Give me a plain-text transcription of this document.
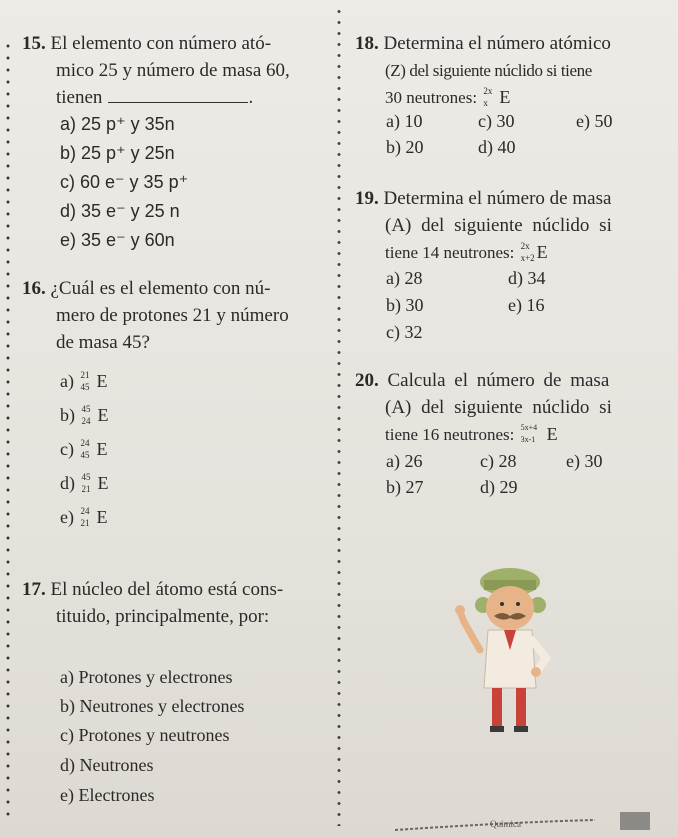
15. El elemento con número ató-
mico 25 y número de masa 60,
tienen	.
a) 25 p⁺ y 35n
b) 25 p⁺ y 25n
c) 60 e⁻ y 35 p⁺
d) 35 e⁻ y 25 n
e) 35 e⁻ y 60n
16. ¿Cuál es el elemento con nú-
mero de protones 21 y número
de masa 45?
a) 21
45 E
b) 45
24 E
c) 24
45 E
d) 45
21 E
e) 24
21 E
17. El núcleo del átomo está cons-
tituido, principalmente, por:
a) Protones y electrones
b) Neutrones y electrones
c) Protones y neutrones
d) Neutrones
e) Electrones
18. Determina el número atómico
(Z) del siguiente núclido si tiene
30 neutrones: 2x
x E
a) 10	c) 30	e) 50
b) 20	d) 40
19. Determina el número de masa
(A) del siguiente núclido si
tiene 14 neutrones: 2x
x+2 E
a) 28	d) 34
b) 30	e) 16
c) 32
20. Calcula el número de masa
(A) del siguiente núclido si
tiene 16 neutrones: 5x+4
3x-1 E
a) 26	c) 28	e) 30
b) 27	d) 29
Química
